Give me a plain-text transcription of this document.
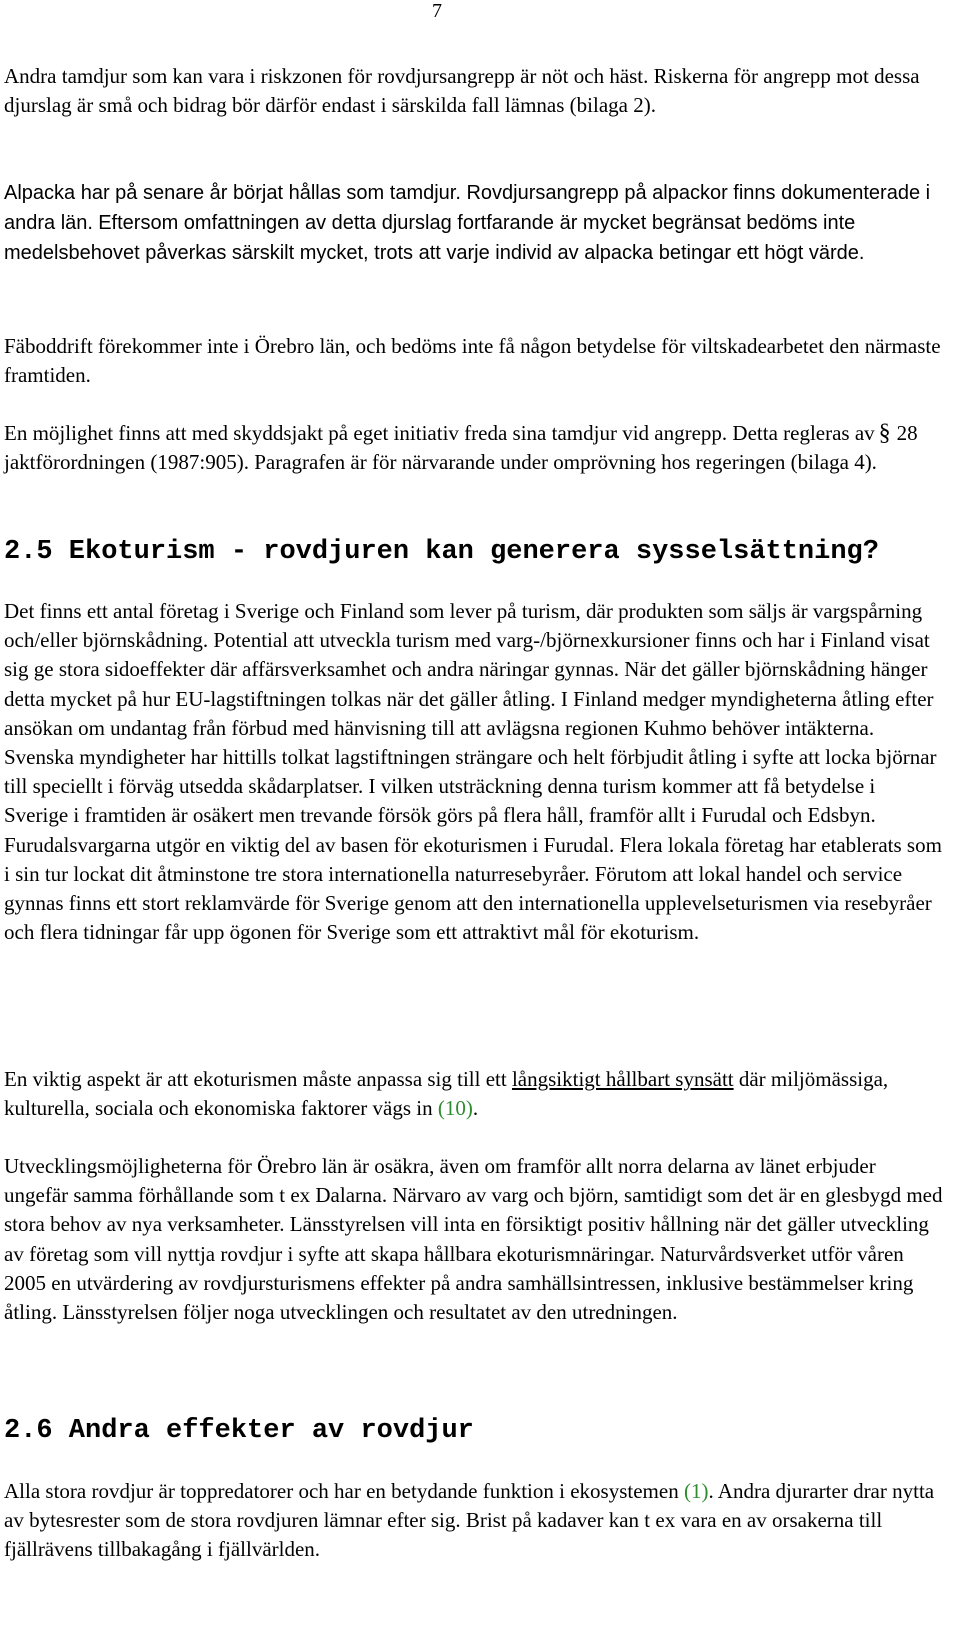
7

Andra tamdjur som kan vara i riskzonen för rovdjursangrepp är nöt och häst. Riskerna för angrepp mot dessa djurslag är små och bidrag bör därför endast i särskilda fall lämnas (bilaga 2).

Alpacka har på senare år börjat hållas som tamdjur. Rovdjursangrepp på alpackor finns dokumenterade i andra län. Eftersom omfattningen av detta djurslag fortfarande är mycket begränsat bedöms inte medelsbehovet påverkas särskilt mycket, trots att varje individ av alpacka betingar ett högt värde.

Fäboddrift förekommer inte i Örebro län, och bedöms inte få någon betydelse för viltskadearbetet den närmaste framtiden.

En möjlighet finns att med skyddsjakt på eget initiativ freda sina tamdjur vid angrepp. Detta regleras av § 28 jaktförordningen (1987:905). Paragrafen är för närvarande under omprövning hos regeringen (bilaga 4).

2.5 Ekoturism - rovdjuren kan generera sysselsättning?

Det finns ett antal företag i Sverige och Finland som lever på turism, där produkten som säljs är vargspårning och/eller björnskådning. Potential att utveckla turism med varg-/björnexkursioner finns och har i Finland visat sig ge stora sidoeffekter där affärsverksamhet och andra näringar gynnas. När det gäller björnskådning hänger detta mycket på hur EU-lagstiftningen tolkas när det gäller åtling. I Finland medger myndigheterna åtling efter ansökan om undantag från förbud med hänvisning till att avlägsna regionen Kuhmo behöver intäkterna. Svenska myndigheter har hittills tolkat lagstiftningen strängare och helt förbjudit åtling i syfte att locka björnar till speciellt i förväg utsedda skådarplatser. I vilken utsträckning denna turism kommer att få betydelse i Sverige i framtiden är osäkert men trevande försök görs på flera håll, framför allt i Furudal och Edsbyn. Furudalsvargarna utgör en viktig del av basen för ekoturismen i Furudal. Flera lokala företag har etablerats som i sin tur lockat dit åtminstone tre stora internationella naturresebyråer. Förutom att lokal handel och service gynnas finns ett stort reklamvärde för Sverige genom att den internationella upplevelseturismen via resebyråer och flera tidningar får upp ögonen för Sverige som ett attraktivt mål för ekoturism.

En viktig aspekt är att ekoturismen måste anpassa sig till ett långsiktigt hållbart synsätt där miljömässiga, kulturella, sociala och ekonomiska faktorer vägs in (10).

Utvecklingsmöjligheterna för Örebro län är osäkra, även om framför allt norra delarna av länet erbjuder ungefär samma förhållande som t ex Dalarna. Närvaro av varg och björn, samtidigt som det är en glesbygd med stora behov av nya verksamheter. Länsstyrelsen vill inta en försiktigt positiv hållning när det gäller utveckling av företag som vill nyttja rovdjur i syfte att skapa hållbara ekoturismnäringar. Naturvårdsverket utför våren 2005 en utvärdering av rovdjursturismens effekter på andra samhällsintressen, inklusive bestämmelser kring åtling. Länsstyrelsen följer noga utvecklingen och resultatet av den utredningen.

2.6 Andra effekter av rovdjur

Alla stora rovdjur är toppredatorer och har en betydande funktion i ekosystemen (1). Andra djurarter drar nytta av bytesrester som de stora rovdjuren lämnar efter sig. Brist på kadaver kan t ex vara en av orsakerna till fjällrävens tillbakagång i fjällvärlden.
